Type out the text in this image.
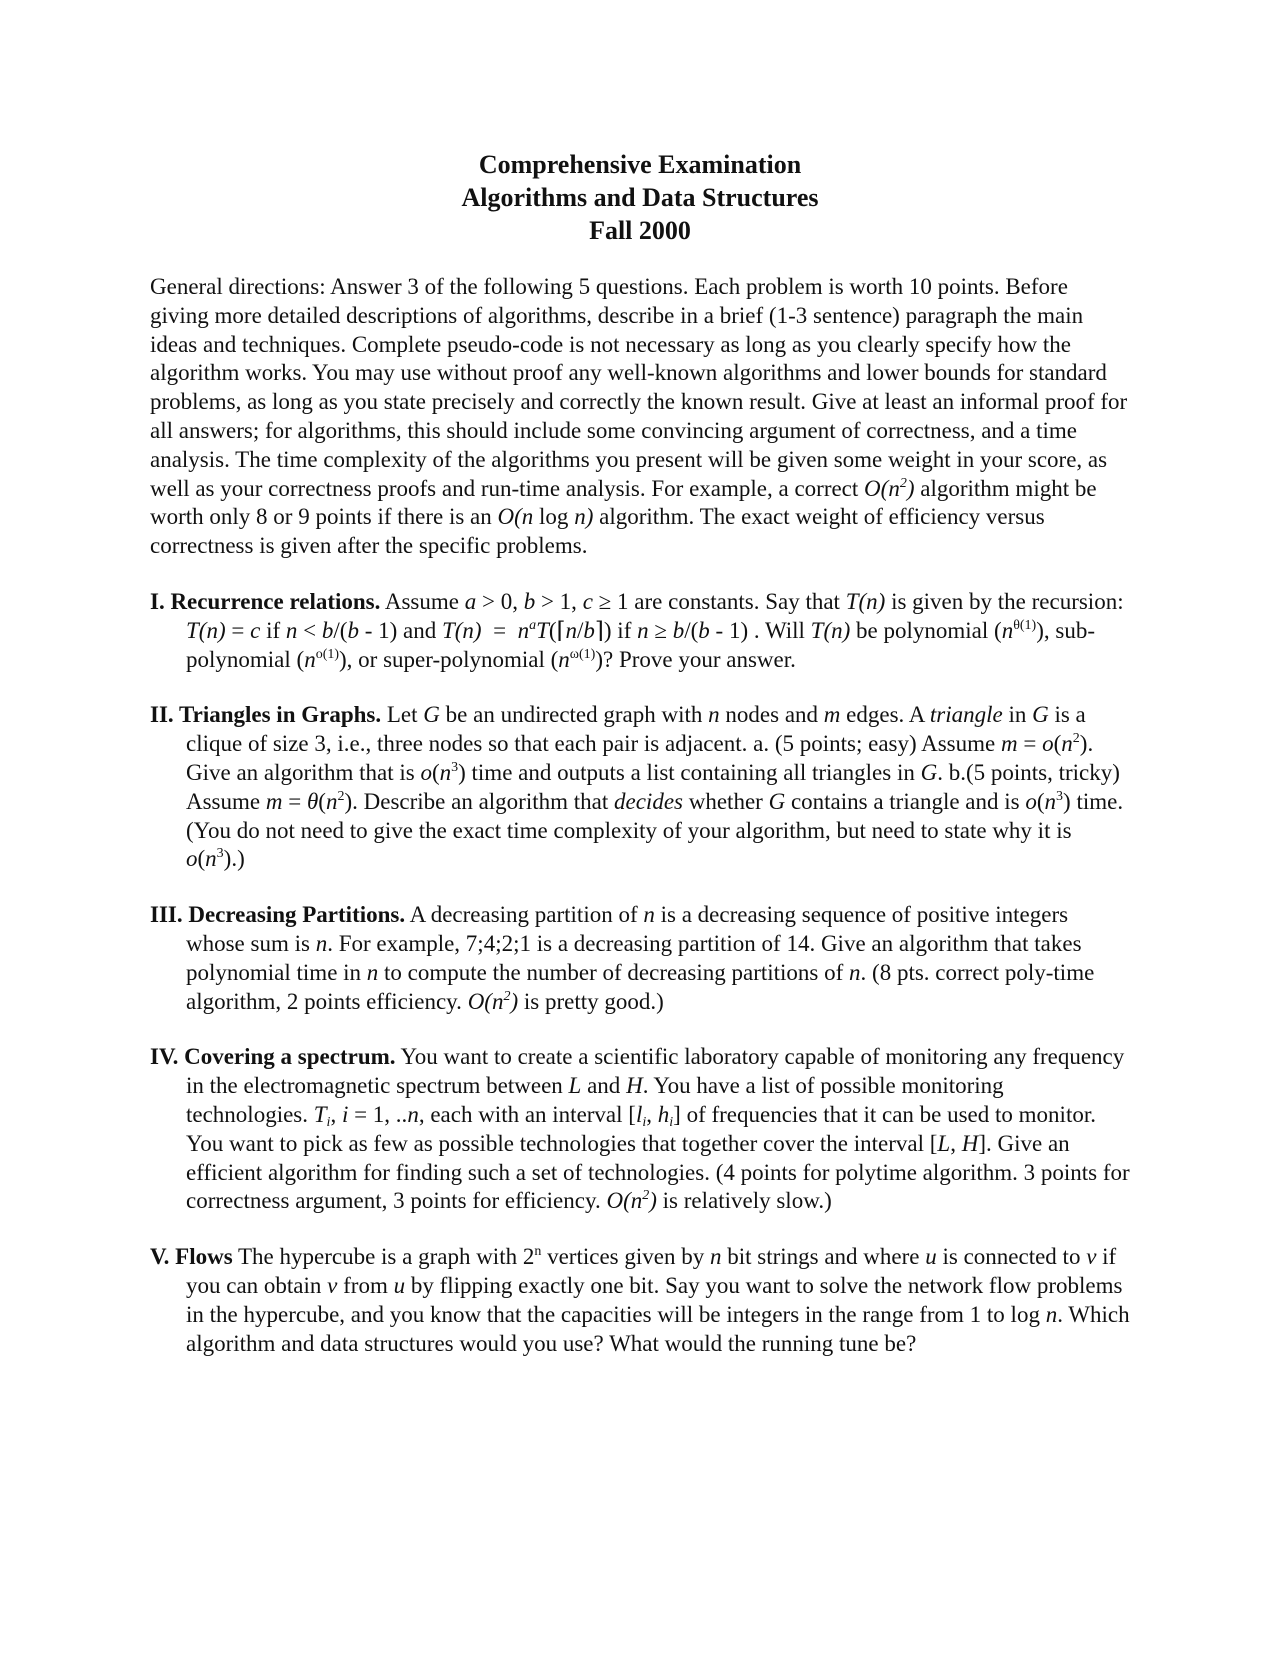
Comprehensive Examination
Algorithms and Data Structures
Fall 2000

General directions: Answer 3 of the following 5 questions. Each problem is worth 10 points. Before giving more detailed descriptions of algorithms, describe in a brief (1-3 sentence) paragraph the main ideas and techniques. Complete pseudo-code is not necessary as long as you clearly specify how the algorithm works. You may use without proof any well-known algorithms and lower bounds for standard problems, as long as you state precisely and correctly the known result. Give at least an informal proof for all answers; for algorithms, this should include some convincing argument of correctness, and a time analysis. The time complexity of the algorithms you present will be given some weight in your score, as well as your correctness proofs and run-time analysis. For example, a correct $O(n^2)$ algorithm might be worth only 8 or 9 points if there is an O(n log n) algorithm. The exact weight of efficiency versus correctness is given after the specific problems.

I. Recurrence relations. Assume a > 0, b > 1, c ≥ 1 are constants. Say that T(n) is given by the recursion: T(n) = c if n < b/(b - 1) and $T(n) = n^aT(⌈n/b⌉)$ if n ≥ b/(b - 1) . Will T(n) be polynomial $(n^{\theta(1)})$, sub-polynomial $(n^{o(1)})$, or super-polynomial $(n^{\omega(1)})$? Prove your answer.

II. Triangles in Graphs. Let G be an undirected graph with n nodes and m edges. A triangle in G is a clique of size 3, i.e., three nodes so that each pair is adjacent. a. (5 points; easy) Assume $m = o(n^2)$. Give an algorithm that is $o(n^3)$ time and outputs a list containing all triangles in G. b.(5 points, tricky) Assume $m = \theta(n^2)$. Describe an algorithm that decides whether G contains a triangle and is $o(n^3)$ time. (You do not need to give the exact time complexity of your algorithm, but need to state why it is $o(n^3)$.)

III. Decreasing Partitions. A decreasing partition of n is a decreasing sequence of positive integers whose sum is n. For example, 7;4;2;1 is a decreasing partition of 14. Give an algorithm that takes polynomial time in n to compute the number of decreasing partitions of n. (8 pts. correct poly-time algorithm, 2 points efficiency. $O(n^2)$ is pretty good.)

IV. Covering a spectrum. You want to create a scientific laboratory capable of monitoring any frequency in the electromagnetic spectrum between L and H. You have a list of possible monitoring technologies. $T_i$, i = 1, ..n, each with an interval [$l_i$, $h_i$] of frequencies that it can be used to monitor. You want to pick as few as possible technologies that together cover the interval [L, H]. Give an efficient algorithm for finding such a set of technologies. (4 points for polytime algorithm. 3 points for correctness argument, 3 points for efficiency. $O(n^2)$ is relatively slow.)

V. Flows The hypercube is a graph with 2$^n$ vertices given by n bit strings and where u is connected to v if you can obtain v from u by flipping exactly one bit. Say you want to solve the network flow problems in the hypercube, and you know that the capacities will be integers in the range from 1 to log n. Which algorithm and data structures would you use? What would the running tune be?
